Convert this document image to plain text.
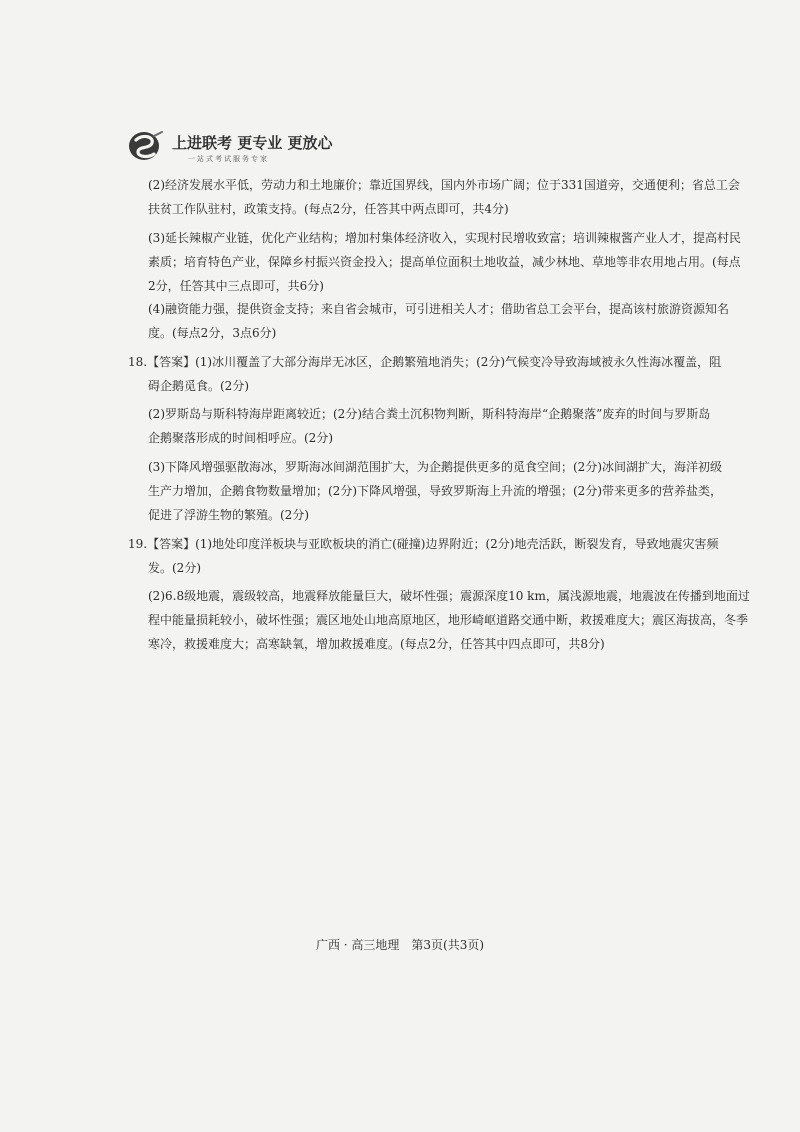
上进联考 更专业 更放心
一站式考试服务专家
(2)经济发展水平低，劳动力和土地廉价；靠近国界线，国内外市场广阔；位于331国道旁，交通便利；省总工会
扶贫工作队驻村，政策支持。(每点2分，任答其中两点即可，共4分)
(3)延长辣椒产业链，优化产业结构；增加村集体经济收入，实现村民增收致富；培训辣椒酱产业人才，提高村民
素质；培育特色产业，保障乡村振兴资金投入；提高单位面积土地收益，减少林地、草地等非农用地占用。(每点
2分，任答其中三点即可，共6分)
(4)融资能力强，提供资金支持；来自省会城市，可引进相关人才；借助省总工会平台，提高该村旅游资源知名
度。(每点2分，3点6分)
18.【答案】(1)冰川覆盖了大部分海岸无冰区，企鹅繁殖地消失；(2分)气候变冷导致海域被永久性海冰覆盖，阻
碍企鹅觅食。(2分)
(2)罗斯岛与斯科特海岸距离较近；(2分)结合粪土沉积物判断，斯科特海岸“企鹅聚落”废弃的时间与罗斯岛
企鹅聚落形成的时间相呼应。(2分)
(3)下降风增强驱散海冰，罗斯海冰间湖范围扩大，为企鹅提供更多的觅食空间；(2分)冰间湖扩大，海洋初级
生产力增加，企鹅食物数量增加；(2分)下降风增强，导致罗斯海上升流的增强；(2分)带来更多的营养盐类，
促进了浮游生物的繁殖。(2分)
19.【答案】(1)地处印度洋板块与亚欧板块的消亡(碰撞)边界附近；(2分)地壳活跃，断裂发育，导致地震灾害频
发。(2分)
(2)6.8级地震，震级较高，地震释放能量巨大，破坏性强；震源深度10 km，属浅源地震，地震波在传播到地面过
程中能量损耗较小，破坏性强；震区地处山地高原地区，地形崎岖道路交通中断，救援难度大；震区海拔高，冬季
寒冷，救援难度大；高寒缺氧，增加救援难度。(每点2分，任答其中四点即可，共8分)
广西 · 高三地理　第3页(共3页)
